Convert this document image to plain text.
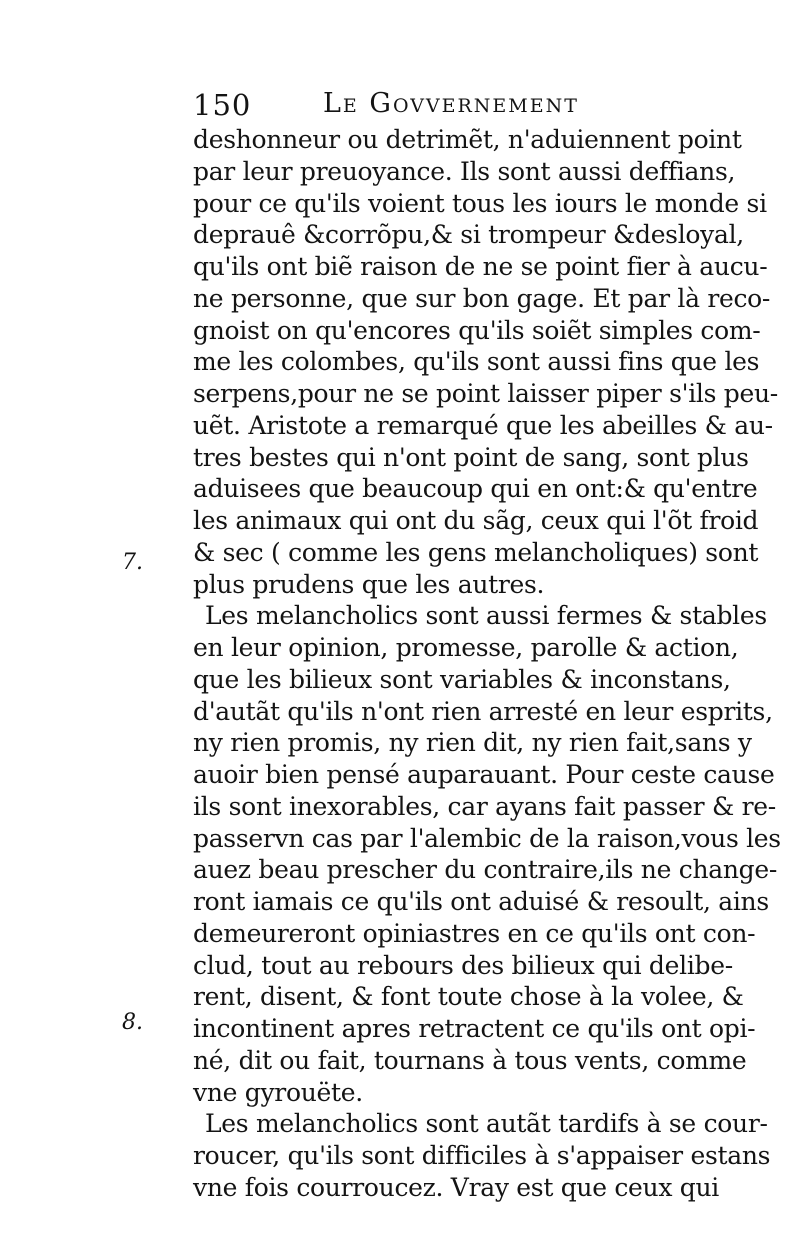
150	Le Govvernement
7.
8.
deshonneur ou detrimẽt, n'aduiennent point
par leur preuoyance. Ils sont aussi deffians,
pour ce qu'ils voient tous les iours le monde si
deprauê &corrõpu,& si trompeur &desloyal,
qu'ils ont biẽ raison de ne se point fier à aucu-
ne personne, que sur bon gage. Et par là reco-
gnoist on qu'encores qu'ils soiẽt simples com-
me les colombes, qu'ils sont aussi fins que les
serpens,pour ne se point laisser piper s'ils peu-
uẽt. Aristote a remarqué que les abeilles & au-
tres bestes qui n'ont point de sang, sont plus
aduisees que beaucoup qui en ont:& qu'entre
les animaux qui ont du sãg, ceux qui l'õt froid
& sec ( comme les gens melancholiques) sont
plus prudens que les autres.
Les melancholics sont aussi fermes & stables
en leur opinion, promesse, parolle & action,
que les bilieux sont variables & inconstans,
d'autãt qu'ils n'ont rien arresté en leur esprits,
ny rien promis, ny rien dit, ny rien fait,sans y
auoir bien pensé auparauant. Pour ceste cause
ils sont inexorables, car ayans fait passer & re-
passervn cas par l'alembic de la raison,vous les
auez beau prescher du contraire,ils ne change-
ront iamais ce qu'ils ont aduisé & resoult, ains
demeureront opiniastres en ce qu'ils ont con-
clud, tout au rebours des bilieux qui delibe-
rent, disent, & font toute chose à la volee, &
incontinent apres retractent ce qu'ils ont opi-
né, dit ou fait, tournans à tous vents, comme
vne gyrouëte.
Les melancholics sont autãt tardifs à se cour-
roucer, qu'ils sont difficiles à s'appaiser estans
vne fois courroucez. Vray est que ceux qui
